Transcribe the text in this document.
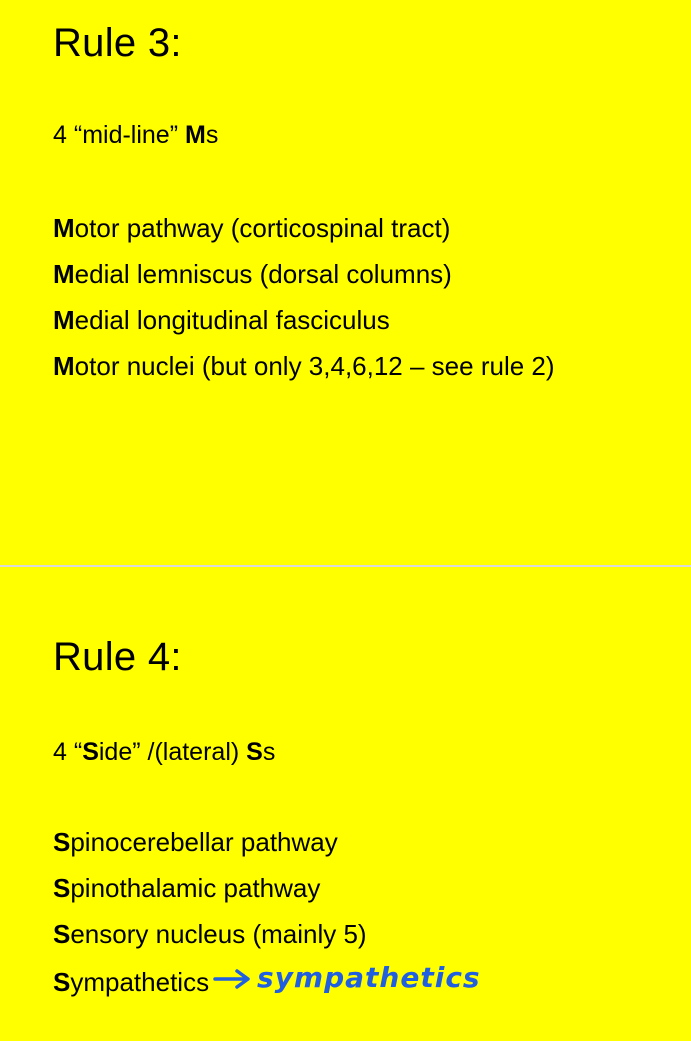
Rule 3:

4 “mid-line” Ms

Motor pathway (corticospinal tract)
Medial lemniscus (dorsal columns)
Medial longitudinal fasciculus
Motor nuclei (but only 3,4,6,12 – see rule 2)
Rule 4:

4 “Side” /(lateral) Ss

Spinocerebellar pathway
Spinothalamic pathway
Sensory nucleus (mainly 5)
Sympathetics sympathetics
